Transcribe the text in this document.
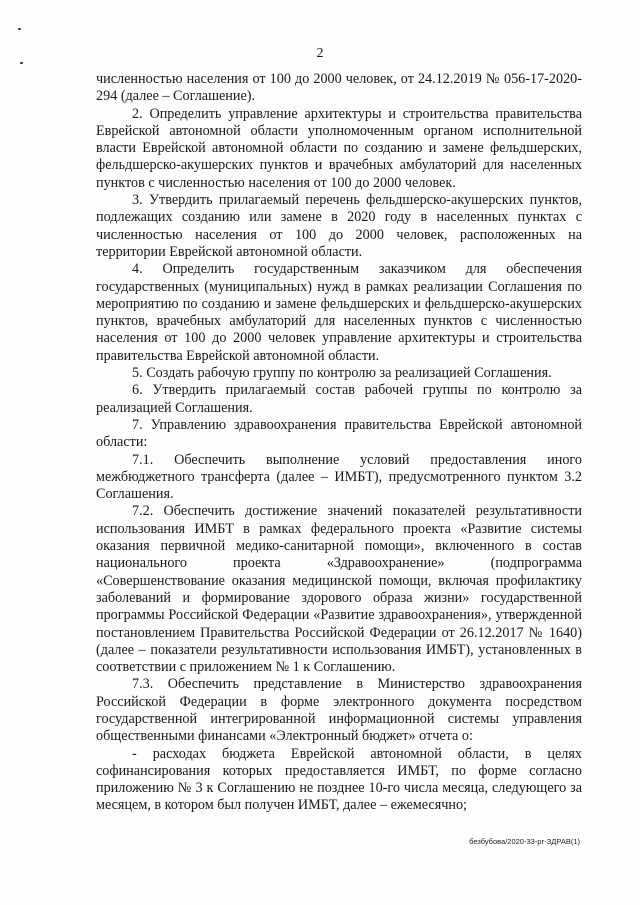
2

численностью населения от 100 до 2000 человек, от 24.12.2019 № 056-17-2020-294 (далее – Соглашение).

2. Определить управление архитектуры и строительства правительства Еврейской автономной области уполномоченным органом исполнительной власти Еврейской автономной области по созданию и замене фельдшерских, фельдшерско-акушерских пунктов и врачебных амбулаторий для населенных пунктов с численностью населения от 100 до 2000 человек.

3. Утвердить прилагаемый перечень фельдшерско-акушерских пунктов, подлежащих созданию или замене в 2020 году в населенных пунктах с численностью населения от 100 до 2000 человек, расположенных на территории Еврейской автономной области.

4. Определить государственным заказчиком для обеспечения государственных (муниципальных) нужд в рамках реализации Соглашения по мероприятию по созданию и замене фельдшерских и фельдшерско-акушерских пунктов, врачебных амбулаторий для населенных пунктов с численностью населения от 100 до 2000 человек управление архитектуры и строительства правительства Еврейской автономной области.

5. Создать рабочую группу по контролю за реализацией Соглашения.

6. Утвердить прилагаемый состав рабочей группы по контролю за реализацией Соглашения.

7. Управлению здравоохранения правительства Еврейской автономной области:

7.1. Обеспечить выполнение условий предоставления иного межбюджетного трансферта (далее – ИМБТ), предусмотренного пунктом 3.2 Соглашения.

7.2. Обеспечить достижение значений показателей результативности использования ИМБТ в рамках федерального проекта «Развитие системы оказания первичной медико-санитарной помощи», включенного в состав национального проекта «Здравоохранение» (подпрограмма «Совершенствование оказания медицинской помощи, включая профилактику заболеваний и формирование здорового образа жизни» государственной программы Российской Федерации «Развитие здравоохранения», утвержденной постановлением Правительства Российской Федерации от 26.12.2017 № 1640) (далее – показатели результативности использования ИМБТ), установленных в соответствии с приложением № 1 к Соглашению.

7.3. Обеспечить представление в Министерство здравоохранения Российской Федерации в форме электронного документа посредством государственной интегрированной информационной системы управления общественными финансами «Электронный бюджет» отчета о:

- расходах бюджета Еврейской автономной области, в целях софинансирования которых предоставляется ИМБТ, по форме согласно приложению № 3 к Соглашению не позднее 10-го числа месяца, следующего за месяцем, в котором был получен ИМБТ, далее – ежемесячно;

безбубова/2020-33-рг-ЗДРАВ(1)
